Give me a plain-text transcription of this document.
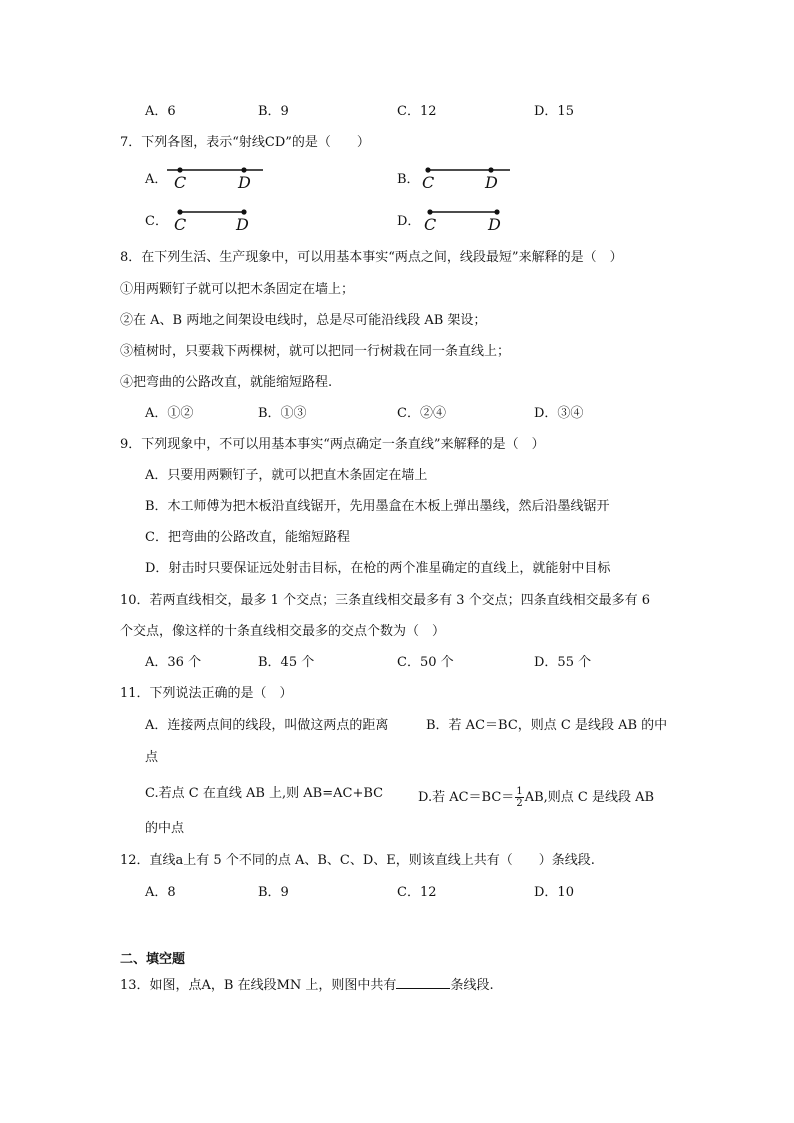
A．6	B．9	C．12	D．15
7．下列各图，表示“射线CD”的是（　　）
A． C	D	B． C	D
C． C	D	D． C	D
8．在下列生活、生产现象中，可以用基本事实“两点之间，线段最短”来解释的是（　）
①用两颗钉子就可以把木条固定在墙上；
②在 A、B 两地之间架设电线时，总是尽可能沿线段 AB 架设；
③植树时，只要栽下两棵树，就可以把同一行树栽在同一条直线上；
④把弯曲的公路改直，就能缩短路程.
A．①②	B．①③	C．②④	D．③④
9．下列现象中，不可以用基本事实“两点确定一条直线”来解释的是（　）
A．只要用两颗钉子，就可以把直木条固定在墙上
B．木工师傅为把木板沿直线锯开，先用墨盒在木板上弹出墨线，然后沿墨线锯开
C．把弯曲的公路改直，能缩短路程
D．射击时只要保证远处射击目标，在枪的两个准星确定的直线上，就能射中目标
10．若两直线相交，最多 1 个交点；三条直线相交最多有 3 个交点；四条直线相交最多有 6
个交点，像这样的十条直线相交最多的交点个数为（　）
A．36 个	B．45 个	C．50 个	D．55 个
11．下列说法正确的是（　）
A．连接两点间的线段，叫做这两点的距离	B．若 AC＝BC，则点 C 是线段 AB 的中
点
C.若点 C 在直线 AB 上,则 AB=AC+BC	D.若 $AC=BC= \frac{1}{2}$ AB,则点 C 是线段 AB
的中点
12．直线a上有 5 个不同的点 A、B、C、D、E，则该直线上共有（　　）条线段.
A．8	B．9	C．12	D．10
二、填空题
13．如图，点A，B 在线段MN 上，则图中共有	条线段.
